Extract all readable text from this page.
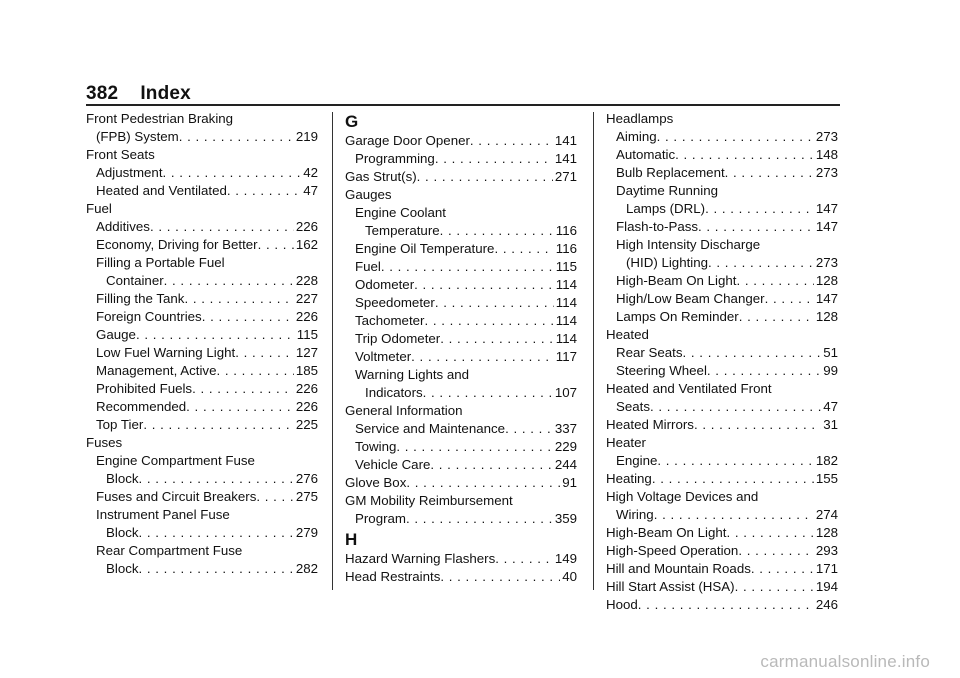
382 Index
Front Pedestrian Braking
(FPB) System . . .	219
Front Seats
Adjustment . . .	42
Heated and Ventilated . . .	47
Fuel
Additives . . .	226
Economy, Driving for Better . . .	162
Filling a Portable Fuel
Container . . .	228
Filling the Tank . . .	227
Foreign Countries . . .	226
Gauge . . .	115
Low Fuel Warning Light . . .	127
Management, Active . . .	185
Prohibited Fuels . . .	226
Recommended . . .	226
Top Tier . . .	225
Fuses
Engine Compartment Fuse
Block . . .	276
Fuses and Circuit Breakers . . .	275
Instrument Panel Fuse
Block . . .	279
Rear Compartment Fuse
Block . . .	282
G
Garage Door Opener . . .	141
Programming . . .	141
Gas Strut(s) . . .	271
Gauges
Engine Coolant
Temperature . . .	116
Engine Oil Temperature . . .	116
Fuel . . .	115
Odometer . . .	114
Speedometer . . .	114
Tachometer . . .	114
Trip Odometer . . .	114
Voltmeter . . .	117
Warning Lights and
Indicators . . .	107
General Information
Service and Maintenance . . .	337
Towing . . .	229
Vehicle Care . . .	244
Glove Box . . .	91
GM Mobility Reimbursement
Program . . .	359
H
Hazard Warning Flashers . . .	149
Head Restraints . . .	40
Headlamps
Aiming . . .	273
Automatic . . .	148
Bulb Replacement . . .	273
Daytime Running
Lamps (DRL) . . .	147
Flash-to-Pass . . .	147
High Intensity Discharge
(HID) Lighting . . .	273
High-Beam On Light . . .	128
High/Low Beam Changer . . .	147
Lamps On Reminder . . .	128
Heated
Rear Seats . . .	51
Steering Wheel . . .	99
Heated and Ventilated Front
Seats . . .	47
Heated Mirrors . . .	31
Heater
Engine . . .	182
Heating . . .	155
High Voltage Devices and
Wiring . . .	274
High-Beam On Light . . .	128
High-Speed Operation . . .	293
Hill and Mountain Roads . . .	171
Hill Start Assist (HSA) . . .	194
Hood . . .	246
carmanualsonline.info
